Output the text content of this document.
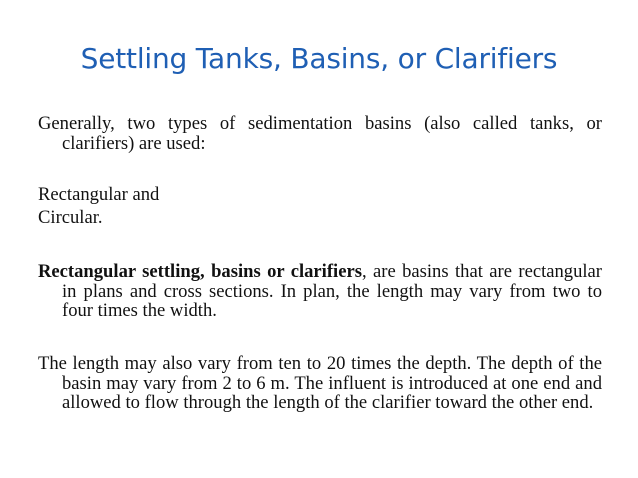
Settling Tanks, Basins, or Clarifiers

Generally, two types of sedimentation basins (also called tanks, or clarifiers) are used:

Rectangular and

Circular.

Rectangular settling, basins or clarifiers, are basins that are rectangular in plans and cross sections. In plan, the length may vary from two to four times the width.

The length may also vary from ten to 20 times the depth. The depth of the basin may vary from 2 to 6 m. The influent is introduced at one end and allowed to flow through the length of the clarifier toward the other end.
